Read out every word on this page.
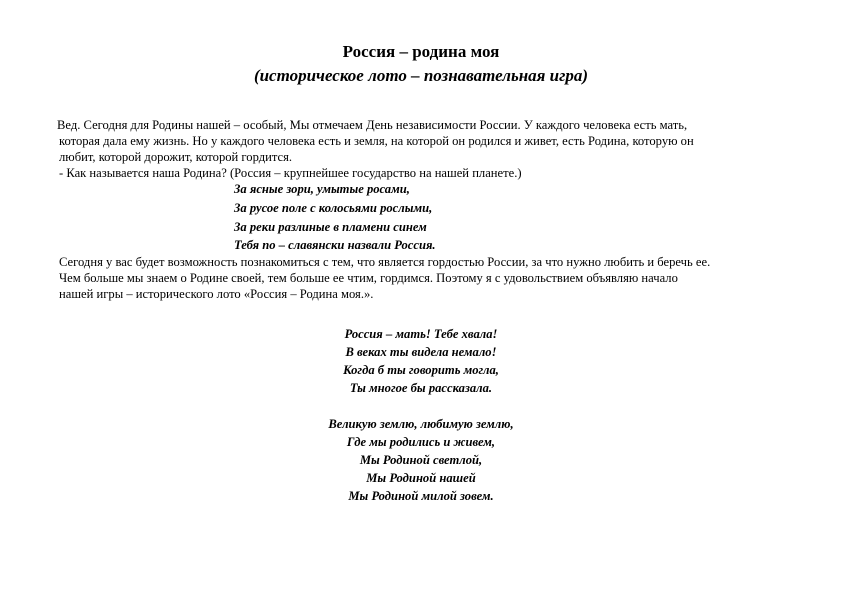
Россия – родина моя
(историческое лото – познавательная игра)
Вед. Сегодня для Родины нашей – особый, Мы отмечаем День независимости России. У каждого человека есть мать,
которая дала ему жизнь. Но у каждого человека есть и земля, на которой он родился и живет, есть Родина, которую он
любит, которой дорожит, которой гордится.
- Как называется наша Родина? (Россия – крупнейшее государство на нашей планете.)
За ясные зори, умытые росами,
За русое поле с колосьями рослыми,
За реки разлиные в пламени синем
Тебя по – славянски назвали Россия.
Сегодня у вас будет возможность познакомиться с тем, что является гордостью России, за что нужно любить и беречь ее.
Чем больше мы знаем о Родине своей, тем больше ее чтим, гордимся. Поэтому я с удовольствием объявляю начало
нашей игры – исторического лото «Россия – Родина моя.».
Россия – мать! Тебе хвала!
В веках ты видела немало!
Когда б ты говорить могла,
Ты многое бы рассказала.
Великую землю, любимую землю,
Где мы родились и живем,
Мы Родиной светлой,
Мы Родиной нашей
Мы Родиной милой зовем.
